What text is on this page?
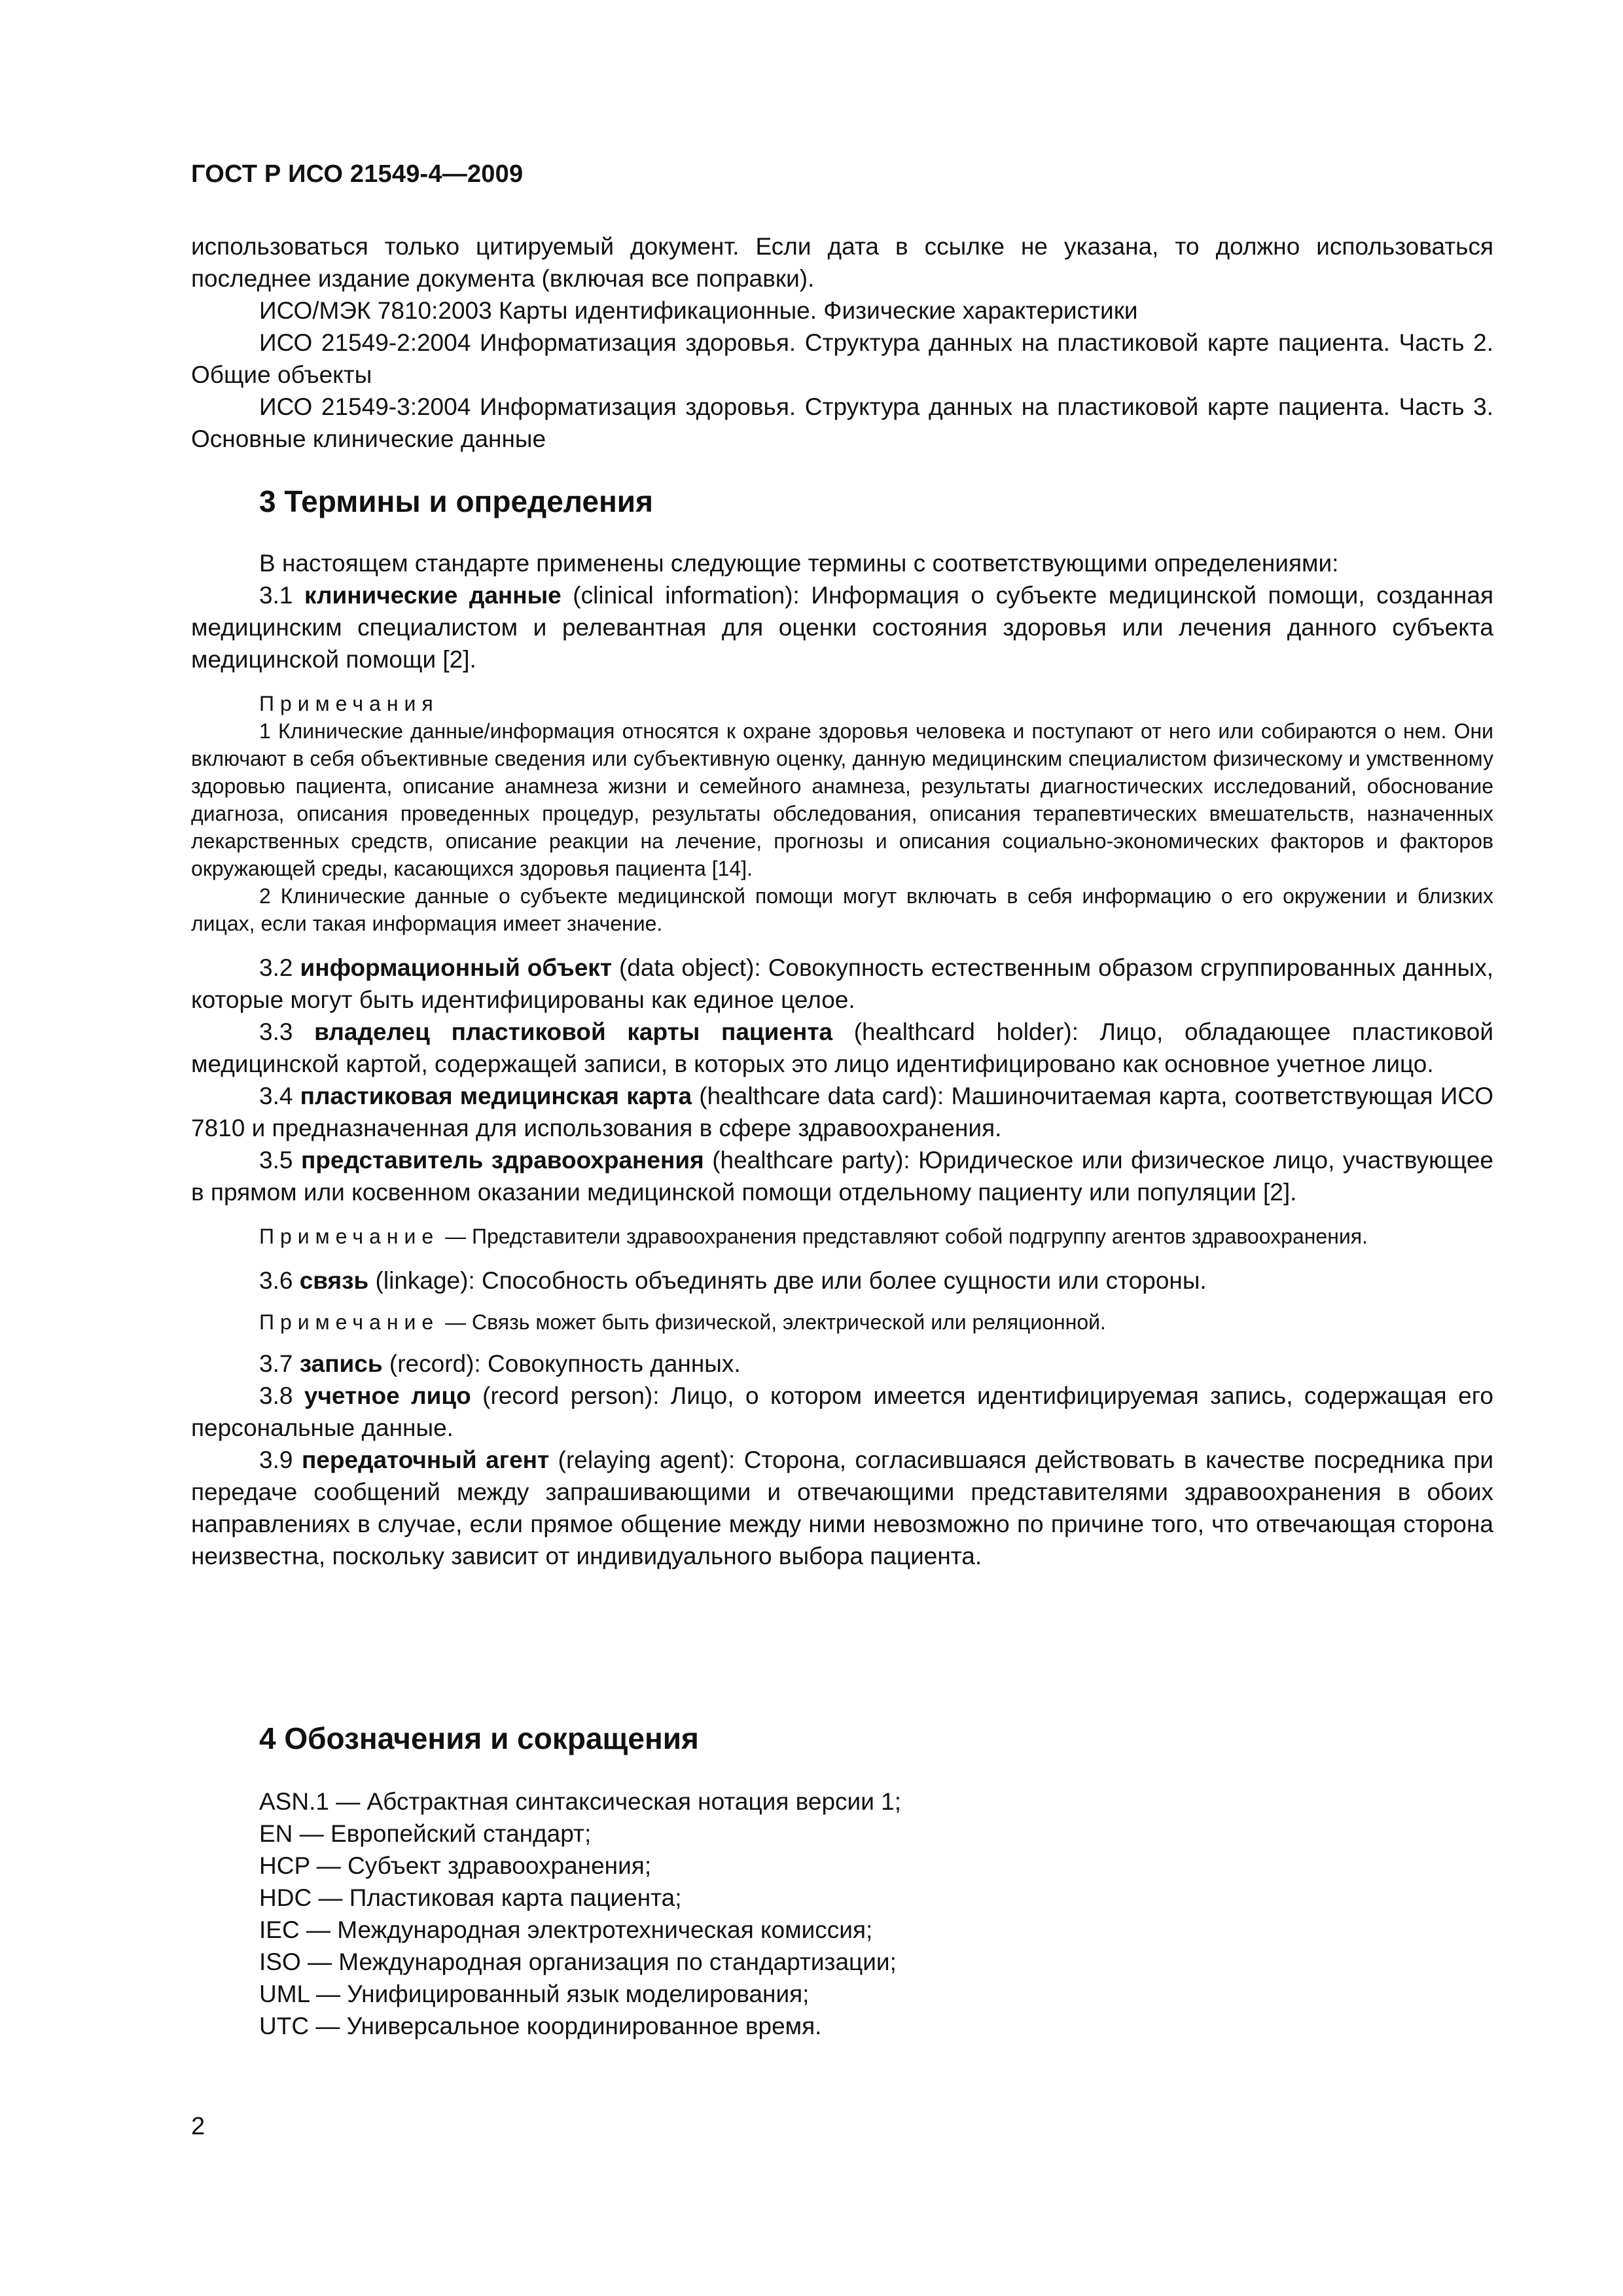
ГОСТ Р ИСО 21549-4—2009

использоваться только цитируемый документ. Если дата в ссылке не указана, то должно использоваться последнее издание документа (включая все поправки).

ИСО/МЭК 7810:2003 Карты идентификационные. Физические характеристики

ИСО 21549-2:2004 Информатизация здоровья. Структура данных на пластиковой карте пациента. Часть 2. Общие объекты

ИСО 21549-3:2004 Информатизация здоровья. Структура данных на пластиковой карте пациента. Часть 3. Основные клинические данные

3 Термины и определения

В настоящем стандарте применены следующие термины с соответствующими определениями:

3.1 клинические данные (clinical information): Информация о субъекте медицинской помощи, созданная медицинским специалистом и релевантная для оценки состояния здоровья или лечения данного субъекта медицинской помощи [2].

Примечания

1 Клинические данные/информация относятся к охране здоровья человека и поступают от него или собираются о нем. Они включают в себя объективные сведения или субъективную оценку, данную медицинским специалистом физическому и умственному здоровью пациента, описание анамнеза жизни и семейного анамнеза, результаты диагностических исследований, обоснование диагноза, описания проведенных процедур, результаты обследования, описания терапевтических вмешательств, назначенных лекарственных средств, описание реакции на лечение, прогнозы и описания социально-экономических факторов и факторов окружающей среды, касающихся здоровья пациента [14].

2 Клинические данные о субъекте медицинской помощи могут включать в себя информацию о его окружении и близких лицах, если такая информация имеет значение.

3.2 информационный объект (data object): Совокупность естественным образом сгруппированных данных, которые могут быть идентифицированы как единое целое.

3.3 владелец пластиковой карты пациента (healthcard holder): Лицо, обладающее пластиковой медицинской картой, содержащей записи, в которых это лицо идентифицировано как основное учетное лицо.

3.4 пластиковая медицинская карта (healthcare data card): Машиночитаемая карта, соответствующая ИСО 7810 и предназначенная для использования в сфере здравоохранения.

3.5 представитель здравоохранения (healthcare party): Юридическое или физическое лицо, участвующее в прямом или косвенном оказании медицинской помощи отдельному пациенту или популяции [2].

Примечание — Представители здравоохранения представляют собой подгруппу агентов здравоохранения.

3.6 связь (linkage): Способность объединять две или более сущности или стороны.

Примечание — Связь может быть физической, электрической или реляционной.

3.7 запись (record): Совокупность данных.

3.8 учетное лицо (record person): Лицо, о котором имеется идентифицируемая запись, содержащая его персональные данные.

3.9 передаточный агент (relaying agent): Сторона, согласившаяся действовать в качестве посредника при передаче сообщений между запрашивающими и отвечающими представителями здравоохранения в обоих направлениях в случае, если прямое общение между ними невозможно по причине того, что отвечающая сторона неизвестна, поскольку зависит от индивидуального выбора пациента.

4 Обозначения и сокращения

ASN.1 — Абстрактная синтаксическая нотация версии 1;

EN — Европейский стандарт;

HCP — Субъект здравоохранения;

HDC — Пластиковая карта пациента;

IEC — Международная электротехническая комиссия;

ISO — Международная организация по стандартизации;

UML — Унифицированный язык моделирования;

UTC — Универсальное координированное время.

2
